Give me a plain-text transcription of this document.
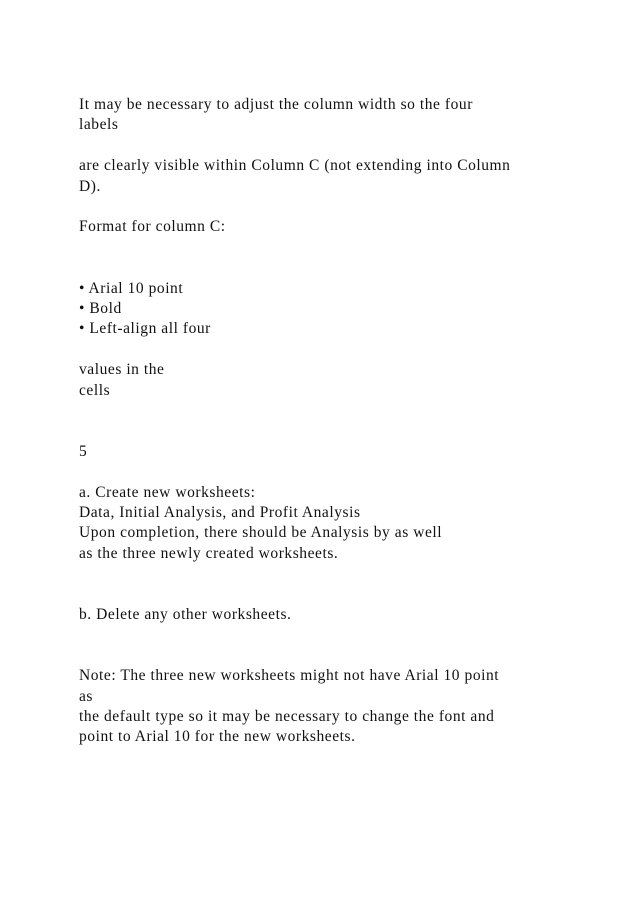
It may be necessary to adjust the column width so the four
labels
are clearly visible within Column C (not extending into Column
D).
Format for column C:
• Arial 10 point
• Bold
• Left-align all four
values in the
cells
5
a. Create new worksheets:
Data, Initial Analysis, and Profit Analysis
Upon completion, there should be Analysis by as well
as the three newly created worksheets.
b. Delete any other worksheets.
Note: The three new worksheets might not have Arial 10 point
as
the default type so it may be necessary to change the font and
point to Arial 10 for the new worksheets.
